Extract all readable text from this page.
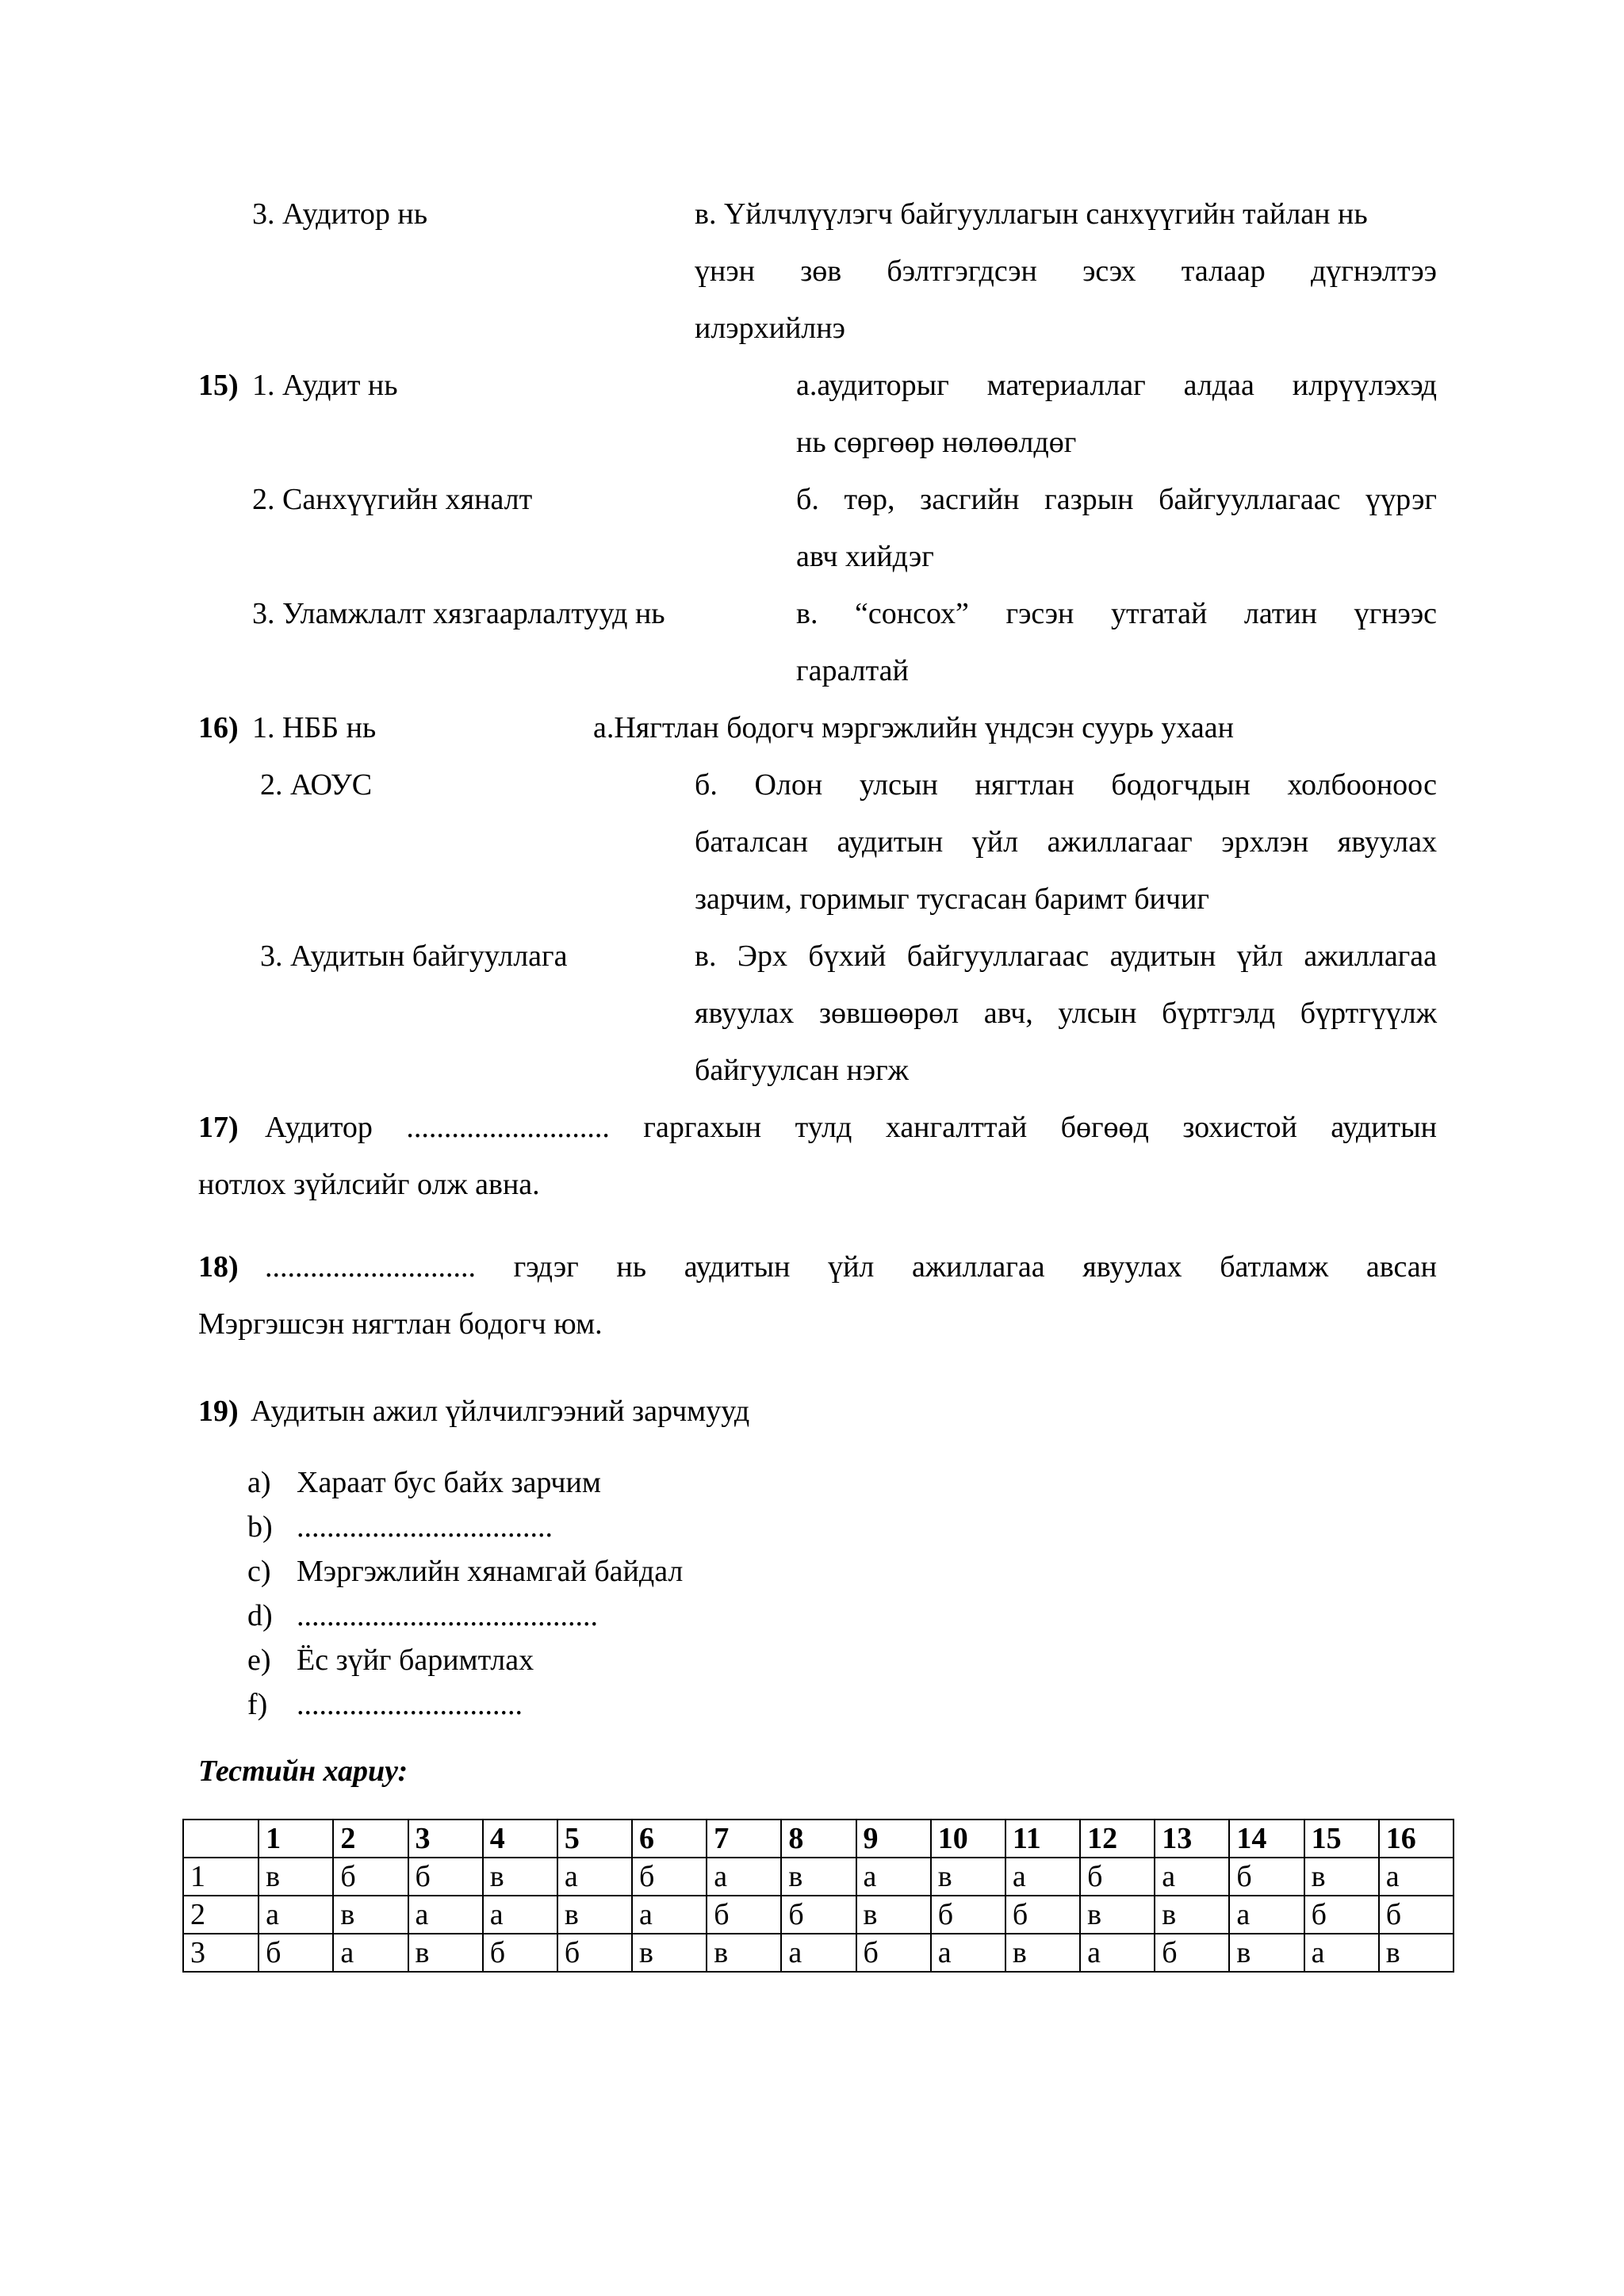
3. Аудитор нь	в. Үйлчлүүлэгч байгууллагын санхүүгийн тайлан нь
үнэн зөв бэлтгэгдсэн эсэх талаар дүгнэлтээ
илэрхийлнэ
15) 1. Аудит нь	а.аудиторыг материаллаг алдаа илрүүлэхэд
нь сөргөөр нөлөөлдөг
2. Санхүүгийн хяналт	б. төр, засгийн газрын байгууллагаас үүрэг
авч хийдэг
3. Уламжлалт хязгаарлалтууд нь	в. “сонсох” гэсэн утгатай латин үгнээс
гаралтай
16) 1. НББ нь	а.Нягтлан бодогч мэргэжлийн үндсэн суурь ухаан
2. АОУС	б. Олон улсын нягтлан бодогчдын холбооноос
баталсан аудитын үйл ажиллагааг эрхлэн явуулах
зарчим, горимыг тусгасан баримт бичиг
3. Аудитын байгууллага	в. Эрх бүхий байгууллагаас аудитын үйл ажиллагаа
явуулах зөвшөөрөл авч, улсын бүртгэлд бүртгүүлж
байгуулсан нэгж
17) Аудитор ........................... гаргахын тулд хангалттай бөгөөд зохистой аудитын
нотлох зүйлсийг олж авна.
18) ............................ гэдэг нь аудитын үйл ажиллагаа явуулах батламж авсан
Мэргэшсэн нягтлан бодогч юм.
19) Аудитын ажил үйлчилгээний зарчмууд
a) Хараат бус байх зарчим
b) ..................................
c) Мэргэжлийн хянамгай байдал
d) ........................................
e) Ёс зүйг баримтлах
f) ..............................
Тестийн хариу:
	1	2	3	4	5	6	7	8	9	10	11	12	13	14	15	16
1	в	б	б	в	а	б	а	в	а	в	а	б	а	б	в	а
2	а	в	а	а	в	а	б	б	в	б	б	в	в	а	б	б
3	б	а	в	б	б	в	в	а	б	а	в	а	б	в	а	в
